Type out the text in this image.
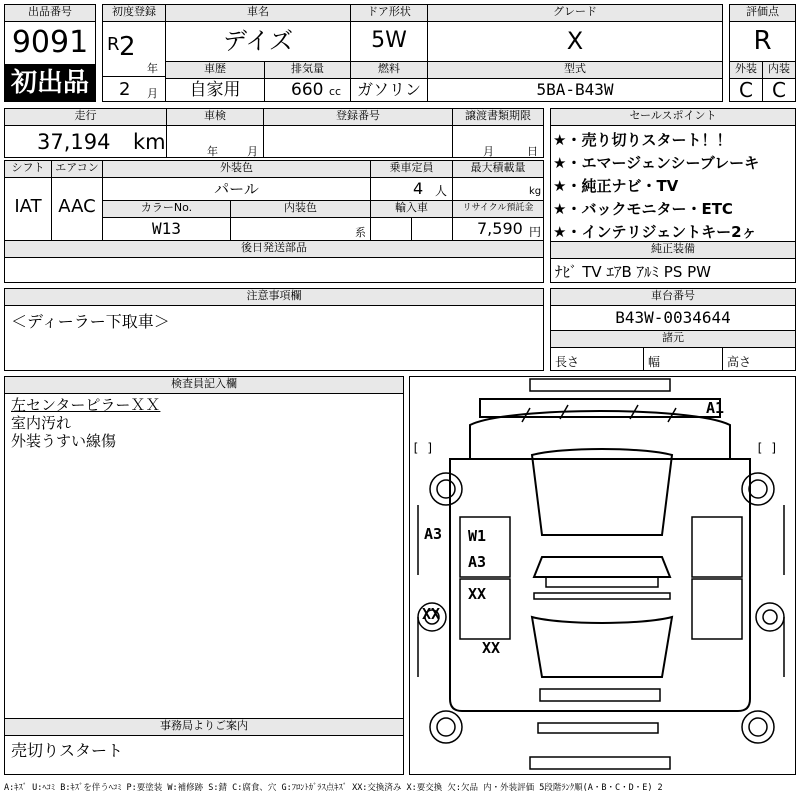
出品番号
9091
初出品
初度登録
R 2
年
2 月
車名
デイズ
ドア形状
5W
グレード
X
評価点
R
車歴
自家用
排気量
660 cc
燃料
ガソリン
型式
5BA-B43W
外装	内装
C C
走行
37,194 km
車検
年	月
登録番号	譲渡書類期限
月	日
シフト
IAT
エアコン
AAC
外装色
パール
乗車定員
4 人
最大積載量
kg
カラーNo.
W13
内装色
系
輸入車	リサイクル預託金
7,590 円
後日発送部品
セールスポイント
★・売り切りスタート！！
★・エマージェンシーブレーキ
★・純正ナビ・TV
★・バックモニター・ETC
★・インテリジェントキー2ヶ
純正装備
ﾅﾋﾞ TV ｴｱB ｱﾙﾐ PS PW
注意事項欄
＜ディーラー下取車＞
車台番号
B43W-0034644
諸元
長さ	幅	高さ
検査員記入欄
左センターピラーＸＸ
室内汚れ
外装うすい線傷
事務局よりご案内
売切りスタート
A1
A3 W1
A3
XX
XX
XX
[ ]	[ ]
A:ｷｽﾞ U:ﾍｺﾐ B:ｷｽﾞを伴うﾍｺﾐ P:要塗装 W:補修跡 S:錆 C:腐食、穴 G:ﾌﾛﾝﾄｶﾞﾗｽ点ｷｽﾞ XX:交換済み X:要交換 欠:欠品 内・外装評価 5段階ﾗﾝｸ順(A・B・C・D・E) 2
